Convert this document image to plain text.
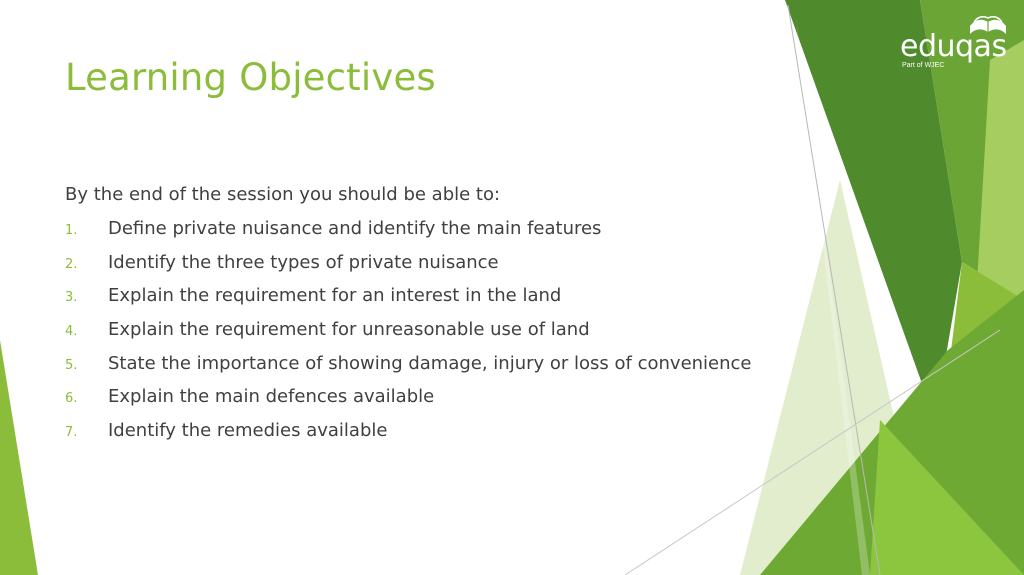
eduqas
Part of WJEC
Learning Objectives
By the end of the session you should be able to:
1.	Define private nuisance and identify the main features
2.	Identify the three types of private nuisance
3.	Explain the requirement for an interest in the land
4.	Explain the requirement for unreasonable use of land
5.	State the importance of showing damage, injury or loss of convenience
6.	Explain the main defences available
7.	Identify the remedies available
